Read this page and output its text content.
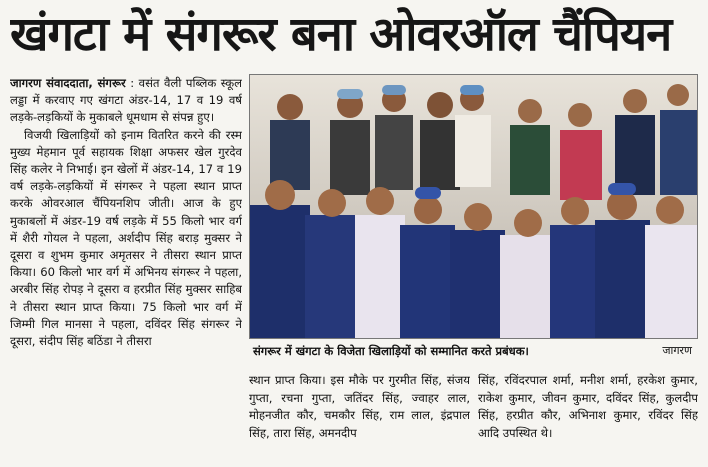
खंगटा में संगरूर बना ओवरऑल चैंपियन

जागरण संवाददाता, संगरूर : वसंत वैली पब्लिक स्कूल लड्डा में करवाए गए खंगटा अंडर-14, 17 व 19 वर्ष लड़के-लड़कियों के मुकाबले धूमधाम से संपन्न हुए।

विजयी खिलाड़ियों को इनाम वितरित करने की रस्म मुख्य मेहमान पूर्व सहायक शिक्षा अफसर खेल गुरदेव सिंह कलेर ने निभाई। इन खेलों में अंडर-14, 17 व 19 वर्ष लड़के-लड़कियों में संगरूर ने पहला स्थान प्राप्त करके ओवरआल चैंपियनशिप जीती। आज के हुए मुकाबलों में अंडर-19 वर्ष लड़के में 55 किलो भार वर्ग में शैरी गोयल ने पहला, अर्शदीप सिंह बराड़ मुक्सर ने दूसरा व शुभम कुमार अमृतसर ने तीसरा स्थान प्राप्त किया। 60 किलो भार वर्ग में अभिनय संगरूर ने पहला, अरबीर सिंह रोपड़ ने दूसरा व हरप्रीत सिंह मुक्सर साहिब ने तीसरा स्थान प्राप्त किया। 75 किलो भार वर्ग में जिम्मी गिल मानसा ने पहला, दविंदर सिंह संगरूर ने दूसरा, संदीप सिंह बठिंडा ने तीसरा

संगरूर में खंगटा के विजेता खिलाड़ियों को सम्मानित करते प्रबंधक।	जागरण
स्थान प्राप्त किया। इस मौके पर गुरमीत सिंह, संजय गुप्ता, रचना गुप्ता, जतिंदर सिंह, ज्वाहर लाल, मोहनजीत कौर, चमकौर सिंह, राम लाल, इंद्रपाल सिंह, तारा सिंह, अमनदीप
सिंह, रविंदरपाल शर्मा, मनीश शर्मा, हरकेश कुमार, राकेश कुमार, जीवन कुमार, दविंदर सिंह, कुलदीप सिंह, हरप्रीत कौर, अभिनाश कुमार, रविंदर सिंह आदि उपस्थित थे।
